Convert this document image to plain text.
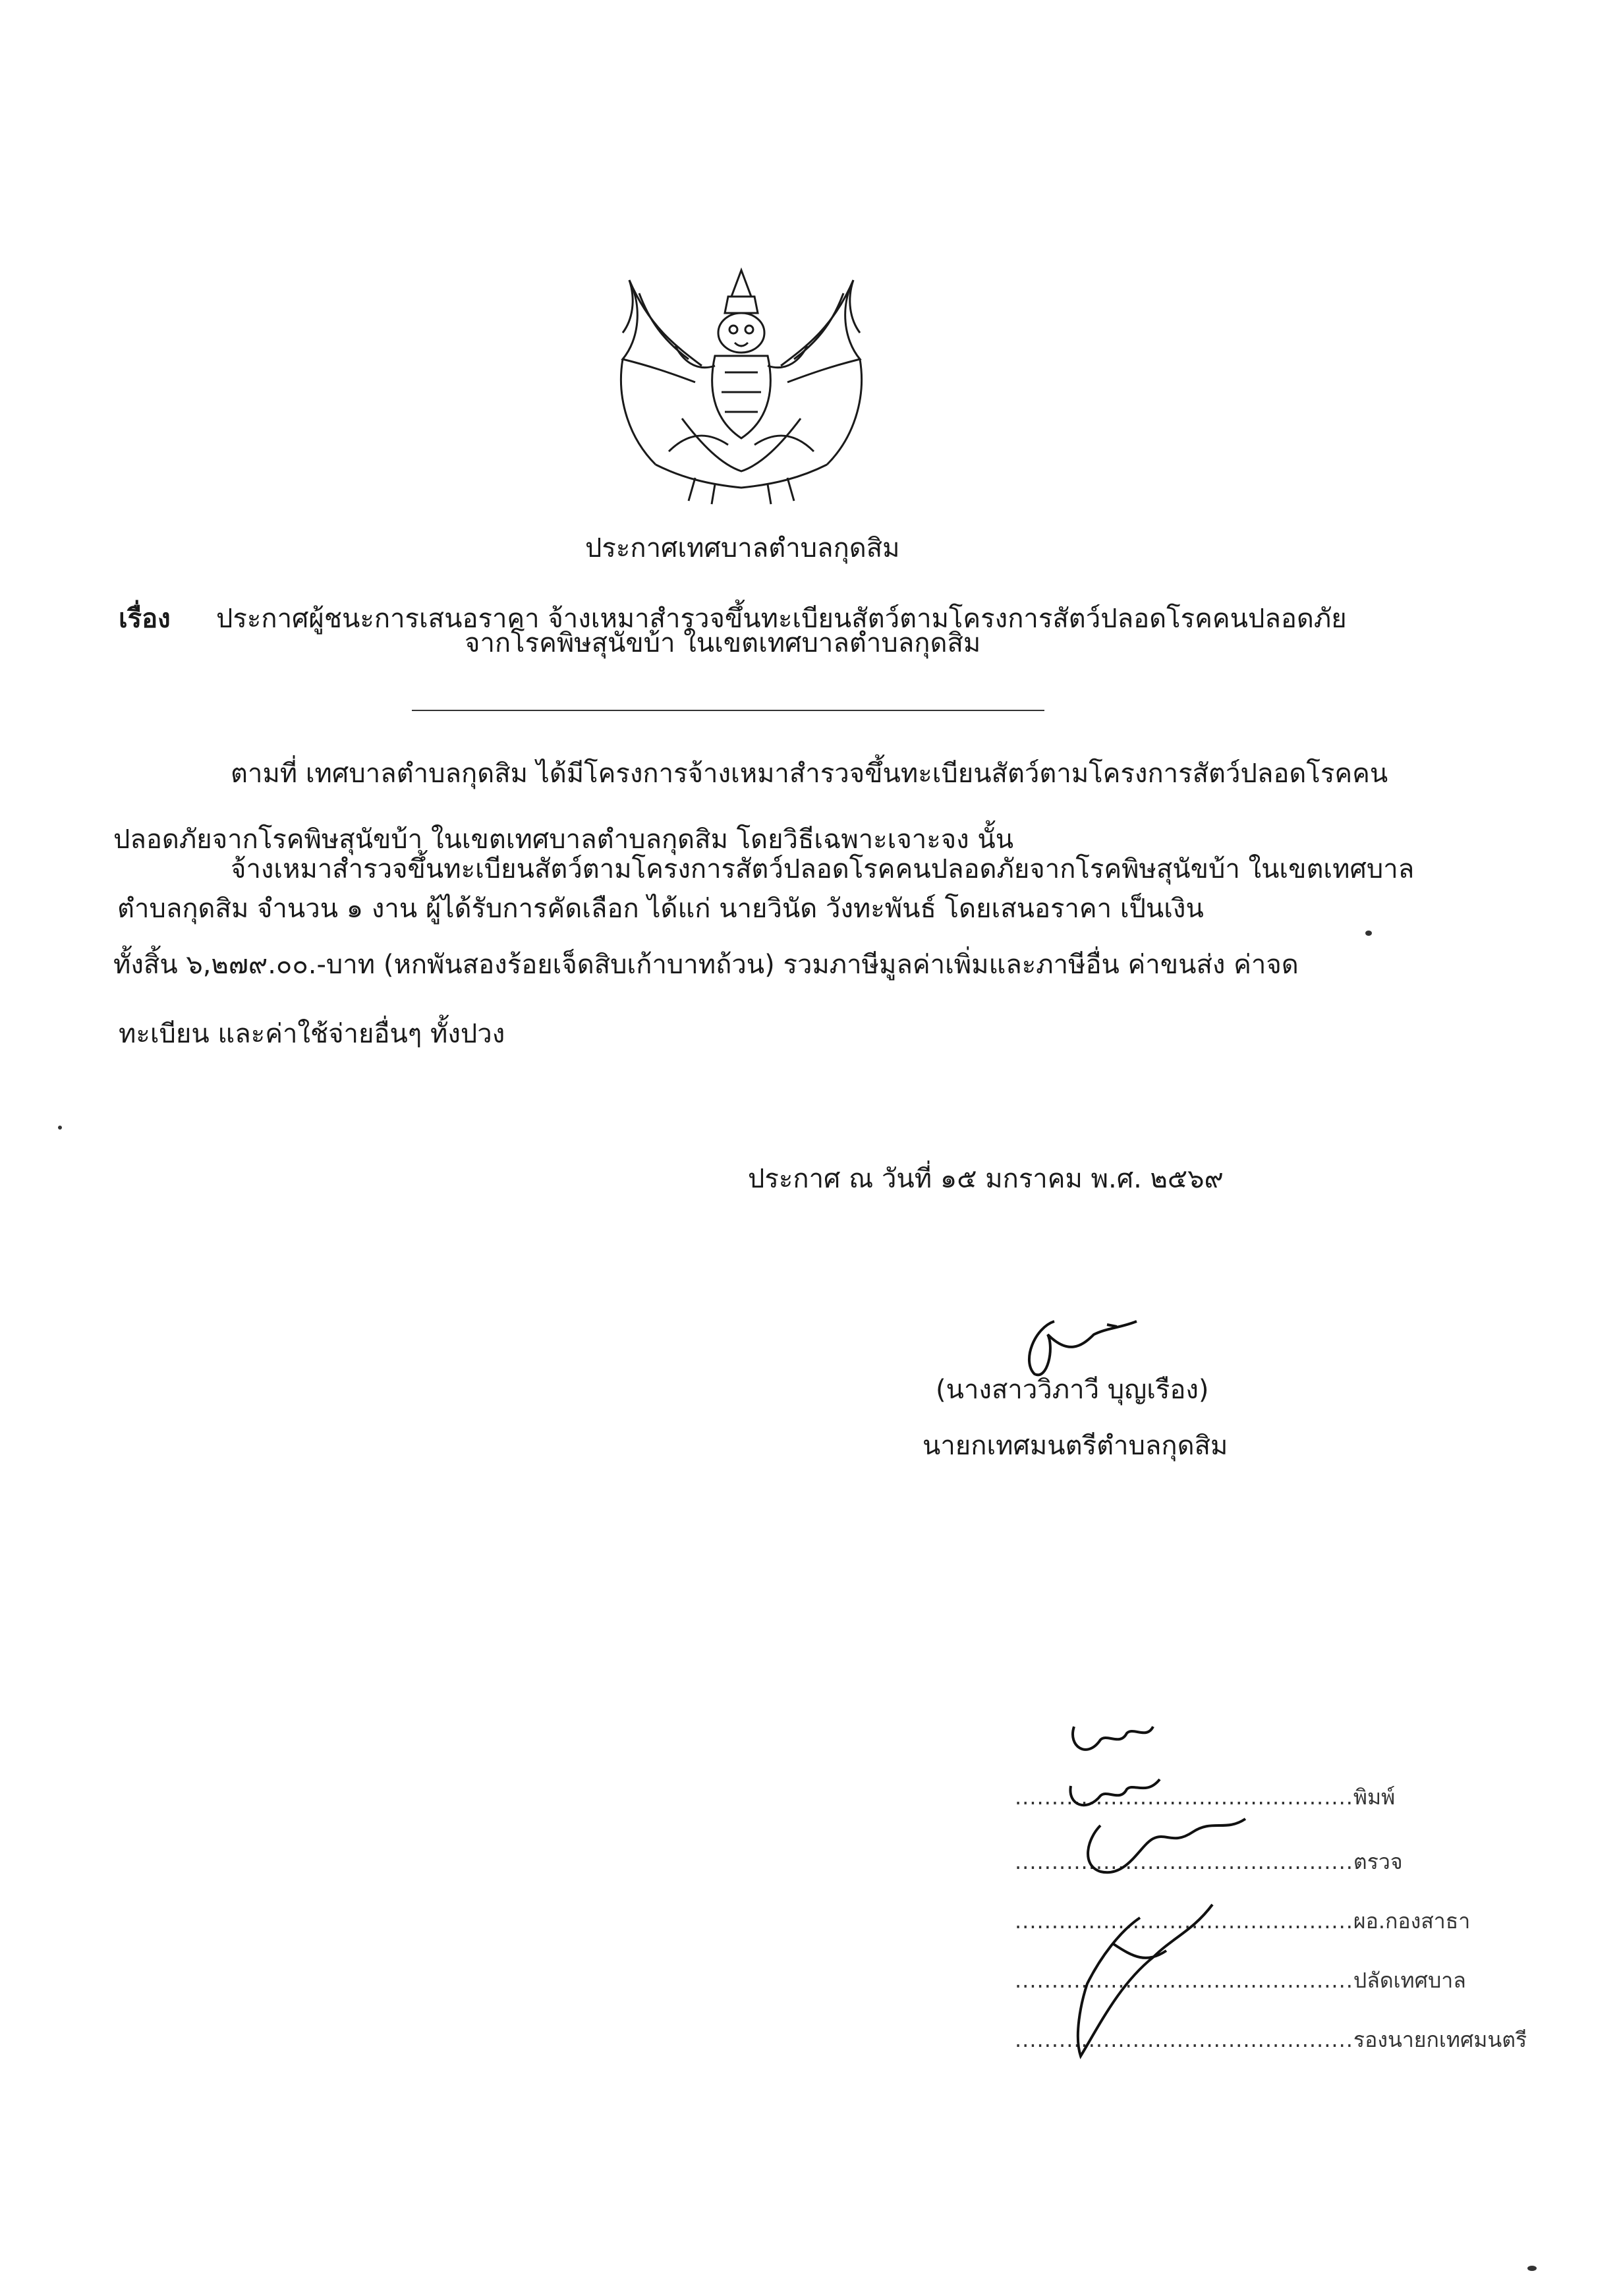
ประกาศเทศบาลตำบลกุดสิม
เรื่อง ประกาศผู้ชนะการเสนอราคา จ้างเหมาสำรวจขึ้นทะเบียนสัตว์ตามโครงการสัตว์ปลอดโรคคนปลอดภัย
จากโรคพิษสุนัขบ้า ในเขตเทศบาลตำบลกุดสิม
ตามที่ เทศบาลตำบลกุดสิม ได้มีโครงการจ้างเหมาสำรวจขึ้นทะเบียนสัตว์ตามโครงการสัตว์ปลอดโรคคน
ปลอดภัยจากโรคพิษสุนัขบ้า ในเขตเทศบาลตำบลกุดสิม โดยวิธีเฉพาะเจาะจง นั้น
จ้างเหมาสำรวจขึ้นทะเบียนสัตว์ตามโครงการสัตว์ปลอดโรคคนปลอดภัยจากโรคพิษสุนัขบ้า ในเขตเทศบาล
ตำบลกุดสิม จำนวน ๑ งาน ผู้ได้รับการคัดเลือก ได้แก่ นายวินัด วังทะพันธ์ โดยเสนอราคา เป็นเงิน
ทั้งสิ้น ๖,๒๗๙.๐๐.-บาท (หกพันสองร้อยเจ็ดสิบเก้าบาทถ้วน) รวมภาษีมูลค่าเพิ่มและภาษีอื่น ค่าขนส่ง ค่าจด
ทะเบียน และค่าใช้จ่ายอื่นๆ ทั้งปวง
ประกาศ ณ วันที่ ๑๕ มกราคม พ.ศ. ๒๕๖๙
(นางสาววิภาวี บุญเรือง)
นายกเทศมนตรีตำบลกุดสิม
..............................................พิมพ์
..............................................ตรวจ
..............................................ผอ.กองสาธา
..............................................ปลัดเทศบาล
..............................................รองนายกเทศมนตรี
